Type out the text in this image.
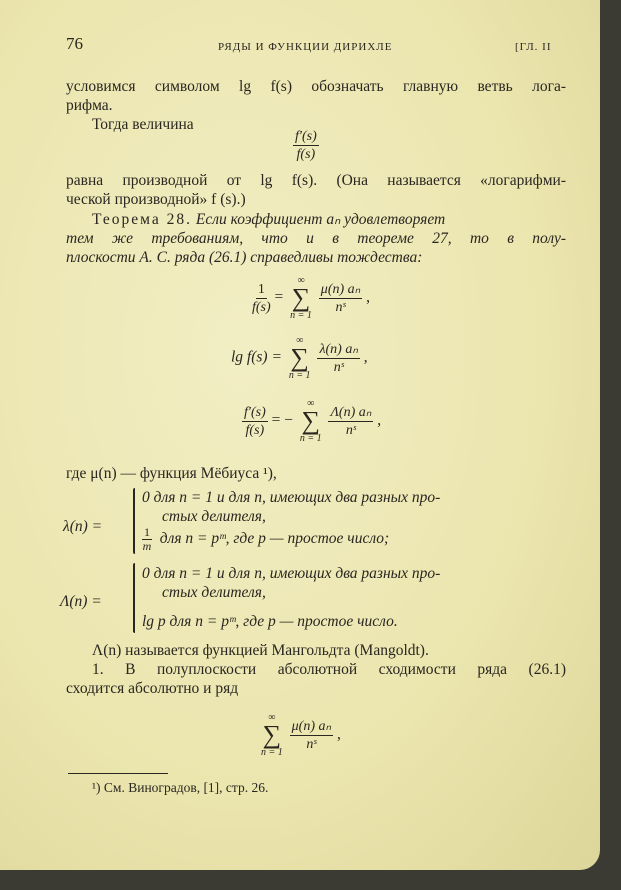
76	РЯДЫ И ФУНКЦИИ ДИРИХЛЕ	[ГЛ. II
условимся символом lg f(s) обозначать главную ветвь лога-
рифма.
Тогда величина
$\frac{f'(s)}{f(s)}$
равна производной от lg f(s). (Она называется «логарифми-
ческой производной» f (s).)
Теорема 28. Если коэффициент aₙ удовлетворяет
тем же требованиям, что и в теореме 27, то в полу-
плоскости А. С. ряда (26.1) справедливы тождества:
$\frac{1}{f(s)}$ =
∞
∑
n = 1
$\frac{\text{μ(n) aₙ}}{\text{nˢ}}$ ,
lg f(s) =
∞
∑
n = 1
$\frac{\text{λ(n) aₙ}}{\text{nˢ}}$ ,
$\frac{f'(s)}{f(s)}$ = −
∞
∑
n = 1
$\frac{\text{Λ(n) aₙ}}{\text{nˢ}}$ ,
где μ(n) — функция Мёбиуса ¹),
λ(n) =
0 для n = 1 и для n, имеющих два разных про-
стых делителя,
$\frac{1}{m}$ для n = pᵐ, где p — простое число;
Λ(n) =
0 для n = 1 и для n, имеющих два разных про-
стых делителя,
lg p для n = pᵐ, где p — простое число.
Λ(n) называется функцией Мангольдта (Mangoldt).
1. В полуплоскости абсолютной сходимости ряда (26.1)
сходится абсолютно и ряд
∞
∑
n = 1
$\frac{\text{μ(n) aₙ}}{\text{nˢ}}$ ,
¹) См. Виноградов, [1], стр. 26.
